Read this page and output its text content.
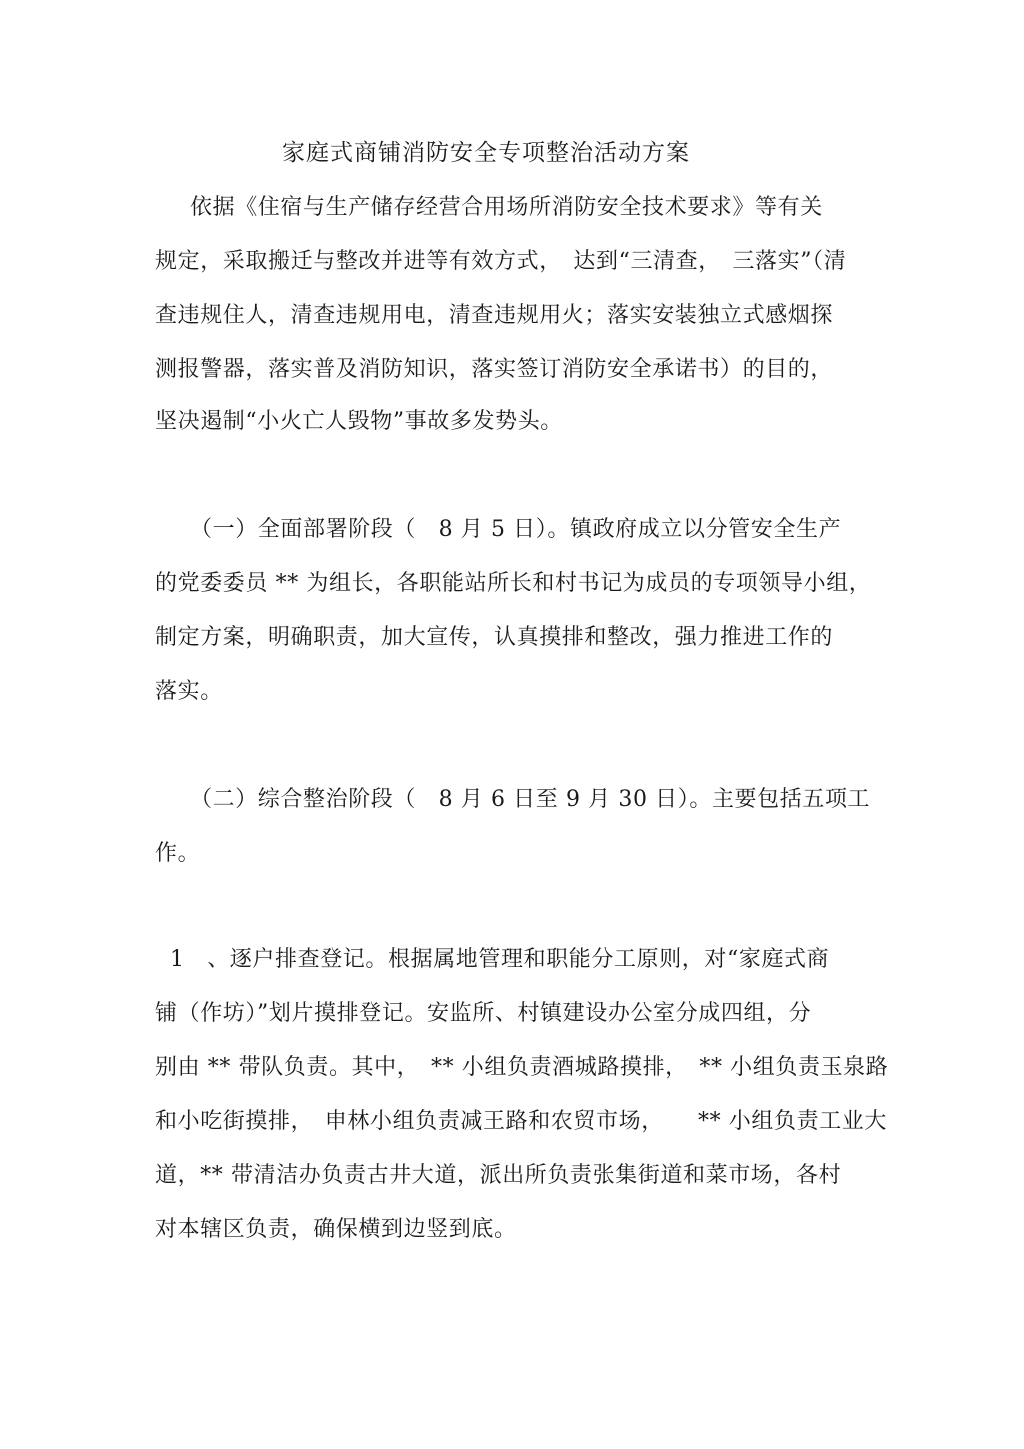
家庭式商铺消防安全专项整治活动方案
依据《住宿与生产储存经营合用场所消防安全技术要求》等有关
规定，采取搬迁与整改并进等有效方式，　达到“三清查，　三落实”（清
查违规住人，清查违规用电，清查违规用火；落实安装独立式感烟探
测报警器，落实普及消防知识，落实签订消防安全承诺书）的目的，
坚决遏制“小火亡人毁物”事故多发势头。
（一）全面部署阶段（　8 月 5 日）。镇政府成立以分管安全生产
的党委委员 ** 为组长，各职能站所长和村书记为成员的专项领导小组，
制定方案，明确职责，加大宣传，认真摸排和整改，强力推进工作的
落实。
（二）综合整治阶段（　8 月 6 日至 9 月 30 日）。主要包括五项工
作。
1　、逐户排查登记。根据属地管理和职能分工原则，对“家庭式商
铺（作坊）”划片摸排登记。安监所、村镇建设办公室分成四组，分
别由 ** 带队负责。其中，　** 小组负责酒城路摸排，　** 小组负责玉泉路
和小吃街摸排，　申林小组负责减王路和农贸市场，　　** 小组负责工业大
道，** 带清洁办负责古井大道，派出所负责张集街道和菜市场，各村
对本辖区负责，确保横到边竖到底。
